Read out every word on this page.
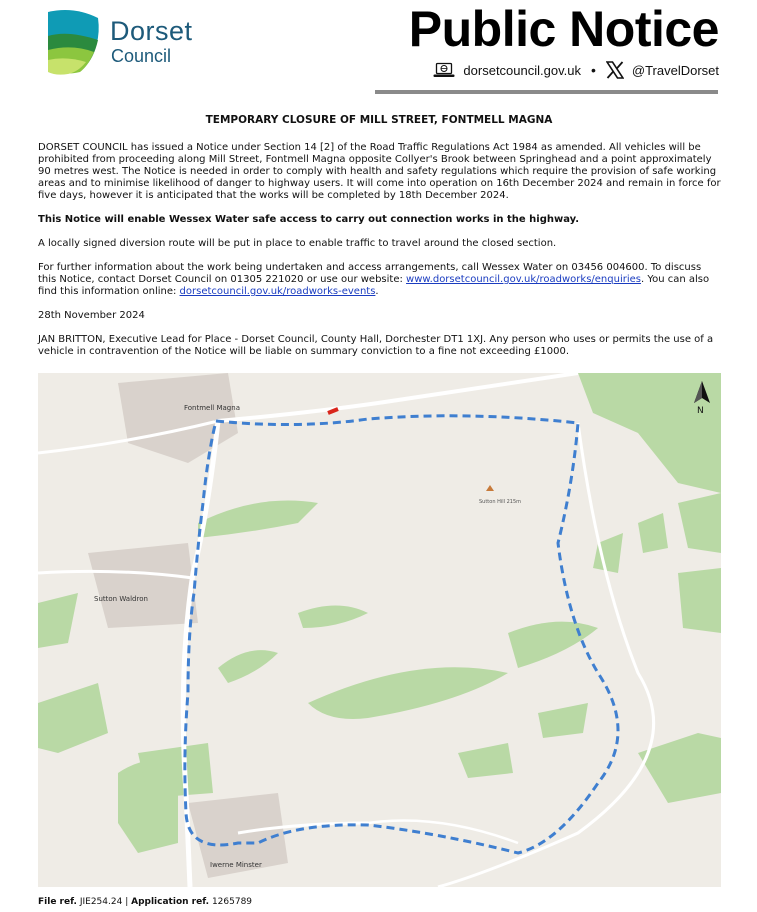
Dorset
Council	Public Notice
dorsetcouncil.gov.uk •	@TravelDorset
TEMPORARY CLOSURE OF MILL STREET, FONTMELL MAGNA

DORSET COUNCIL has issued a Notice under Section 14 [2] of the Road Traffic Regulations Act 1984 as amended. All vehicles will be prohibited from proceeding along Mill Street, Fontmell Magna opposite Collyer's Brook between Springhead and a point approximately 90 metres west. The Notice is needed in order to comply with health and safety regulations which require the provision of safe working areas and to minimise likelihood of danger to highway users. It will come into operation on 16th December 2024 and remain in force for five days, however it is anticipated that the works will be completed by 18th December 2024.

This Notice will enable Wessex Water safe access to carry out connection works in the highway.

A locally signed diversion route will be put in place to enable traffic to travel around the closed section.

For further information about the work being undertaken and access arrangements, call Wessex Water on 03456 004600. To discuss this Notice, contact Dorset Council on 01305 221020 or use our website: www.dorsetcouncil.gov.uk/roadworks/enquiries. You can also find this information online: dorsetcouncil.gov.uk/roadworks-events.

28th November 2024

JAN BRITTON, Executive Lead for Place - Dorset Council, County Hall, Dorchester DT1 1XJ. Any person who uses or permits the use of a vehicle in contravention of the Notice will be liable on summary conviction to a fine not exceeding £1000.

Fontmell Magna
Sutton Waldron
Sutton Hill 215m
Iwerne Minster
N
File ref. JIE254.24 | Application ref. 1265789
